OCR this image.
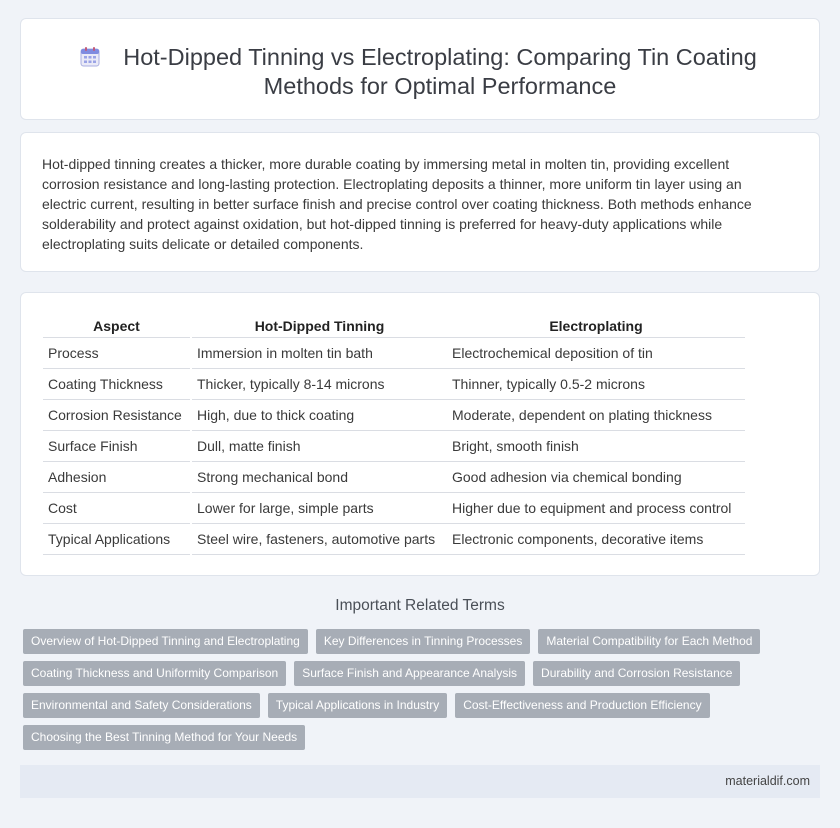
Hot-Dipped Tinning vs Electroplating: Comparing Tin Coating Methods for Optimal Performance

Hot-dipped tinning creates a thicker, more durable coating by immersing metal in molten tin, providing excellent corrosion resistance and long-lasting protection. Electroplating deposits a thinner, more uniform tin layer using an electric current, resulting in better surface finish and precise control over coating thickness. Both methods enhance solderability and protect against oxidation, but hot-dipped tinning is preferred for heavy-duty applications while electroplating suits delicate or detailed components.

Aspect	Hot-Dipped Tinning	Electroplating
Process	Immersion in molten tin bath	Electrochemical deposition of tin
Coating Thickness	Thicker, typically 8-14 microns	Thinner, typically 0.5-2 microns
Corrosion Resistance	High, due to thick coating	Moderate, dependent on plating thickness
Surface Finish	Dull, matte finish	Bright, smooth finish
Adhesion	Strong mechanical bond	Good adhesion via chemical bonding
Cost	Lower for large, simple parts	Higher due to equipment and process control
Typical Applications	Steel wire, fasteners, automotive parts	Electronic components, decorative items
Important Related Terms
Overview of Hot-Dipped Tinning and Electroplating Key Differences in Tinning Processes Material Compatibility for Each Method
Coating Thickness and Uniformity Comparison Surface Finish and Appearance Analysis Durability and Corrosion Resistance
Environmental and Safety Considerations Typical Applications in Industry Cost-Effectiveness and Production Efficiency
Choosing the Best Tinning Method for Your Needs
materialdif.com
